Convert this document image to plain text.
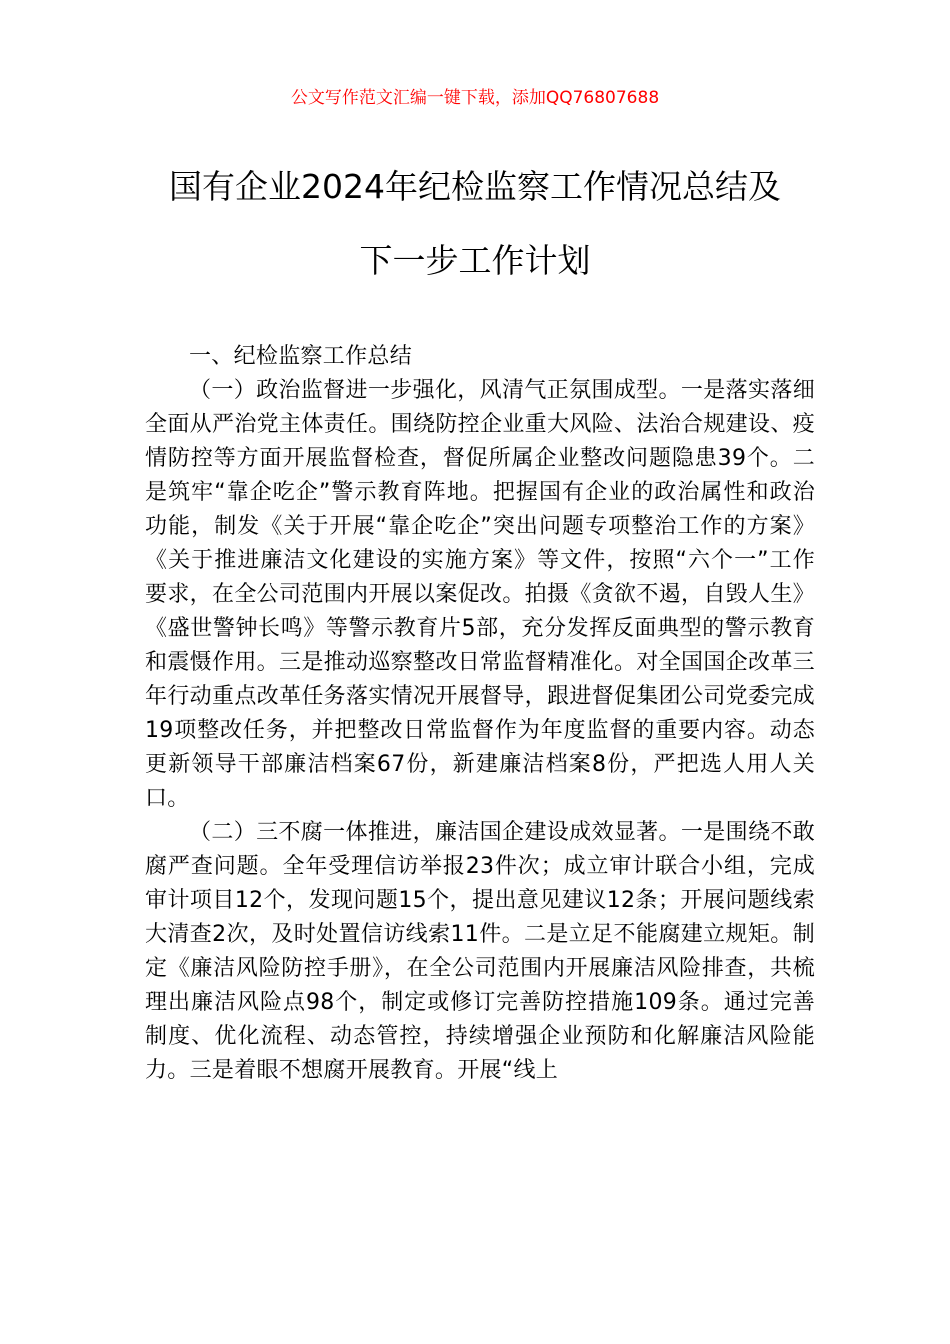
公文写作范文汇编一键下载，添加QQ76807688
国有企业2024年纪检监察工作情况总结及
下一步工作计划
一、纪检监察工作总结

（一）政治监督进一步强化，风清气正氛围成型。一是落实落细全面从严治党主体责任。围绕防控企业重大风险、法治合规建设、疫情防控等方面开展监督检查，督促所属企业整改问题隐患39个。二是筑牢“靠企吃企”警示教育阵地。把握国有企业的政治属性和政治功能，制发《关于开展“靠企吃企”突出问题专项整治工作的方案》《关于推进廉洁文化建设的实施方案》等文件，按照“六个一”工作要求，在全公司范围内开展以案促改。拍摄《贪欲不遏，自毁人生》《盛世警钟长鸣》等警示教育片5部，充分发挥反面典型的警示教育和震慑作用。三是推动巡察整改日常监督精准化。对全国国企改革三年行动重点改革任务落实情况开展督导，跟进督促集团公司党委完成19项整改任务，并把整改日常监督作为年度监督的重要内容。动态更新领导干部廉洁档案67份，新建廉洁档案8份，严把选人用人关口。

（二）三不腐一体推进，廉洁国企建设成效显著。一是围绕不敢腐严查问题。全年受理信访举报23件次；成立审计联合小组，完成审计项目12个，发现问题15个，提出意见建议12条；开展问题线索大清查2次，及时处置信访线索11件。二是立足不能腐建立规矩。制定《廉洁风险防控手册》，在全公司范围内开展廉洁风险排查，共梳理出廉洁风险点98个，制定或修订完善防控措施109条。通过完善制度、优化流程、动态管控，持续增强企业预防和化解廉洁风险能力。三是着眼不想腐开展教育。开展“线上
